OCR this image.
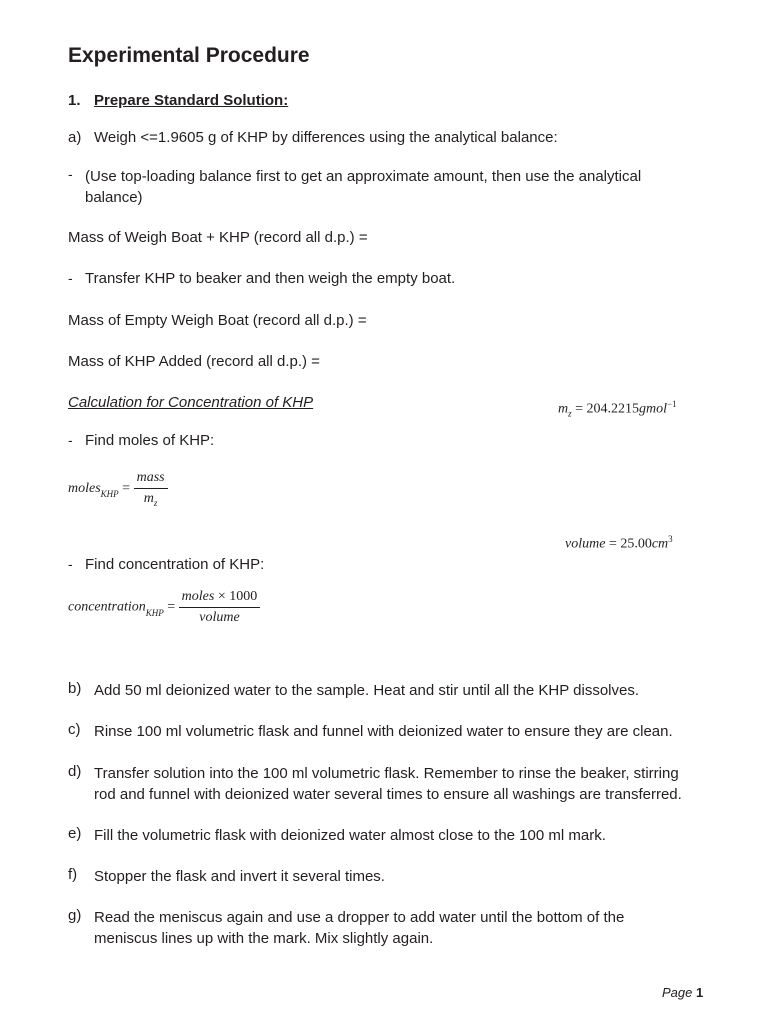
Experimental Procedure
1. Prepare Standard Solution:
a) Weigh <=1.9605 g of KHP by differences using the analytical balance:
- (Use top-loading balance first to get an approximate amount, then use the analytical
balance)
Mass of Weigh Boat + KHP (record all d.p.) =
- Transfer KHP to beaker and then weigh the empty boat.
Mass of Empty Weigh Boat (record all d.p.) =
Mass of KHP Added (record all d.p.) =
Calculation for Concentration of KHP	$m_z$ = 204.2215gmol$^{-1}$
- Find moles of KHP:
moles$_{KHP}$ = $\frac{\text{mass}}{m_z}$
volume = $25.00cm^3$
- Find concentration of KHP:
concentration$_{KHP}$ = $\frac{\text{moles × 1000}}{\text{volume}}$
b) Add 50 ml deionized water to the sample. Heat and stir until all the KHP dissolves.
c) Rinse 100 ml volumetric flask and funnel with deionized water to ensure they are clean.
d) Transfer solution into the 100 ml volumetric flask. Remember to rinse the beaker, stirring
rod and funnel with deionized water several times to ensure all washings are transferred.
e) Fill the volumetric flask with deionized water almost close to the 100 ml mark.
f) Stopper the flask and invert it several times.
g) Read the meniscus again and use a dropper to add water until the bottom of the
meniscus lines up with the mark. Mix slightly again.
Page 1
